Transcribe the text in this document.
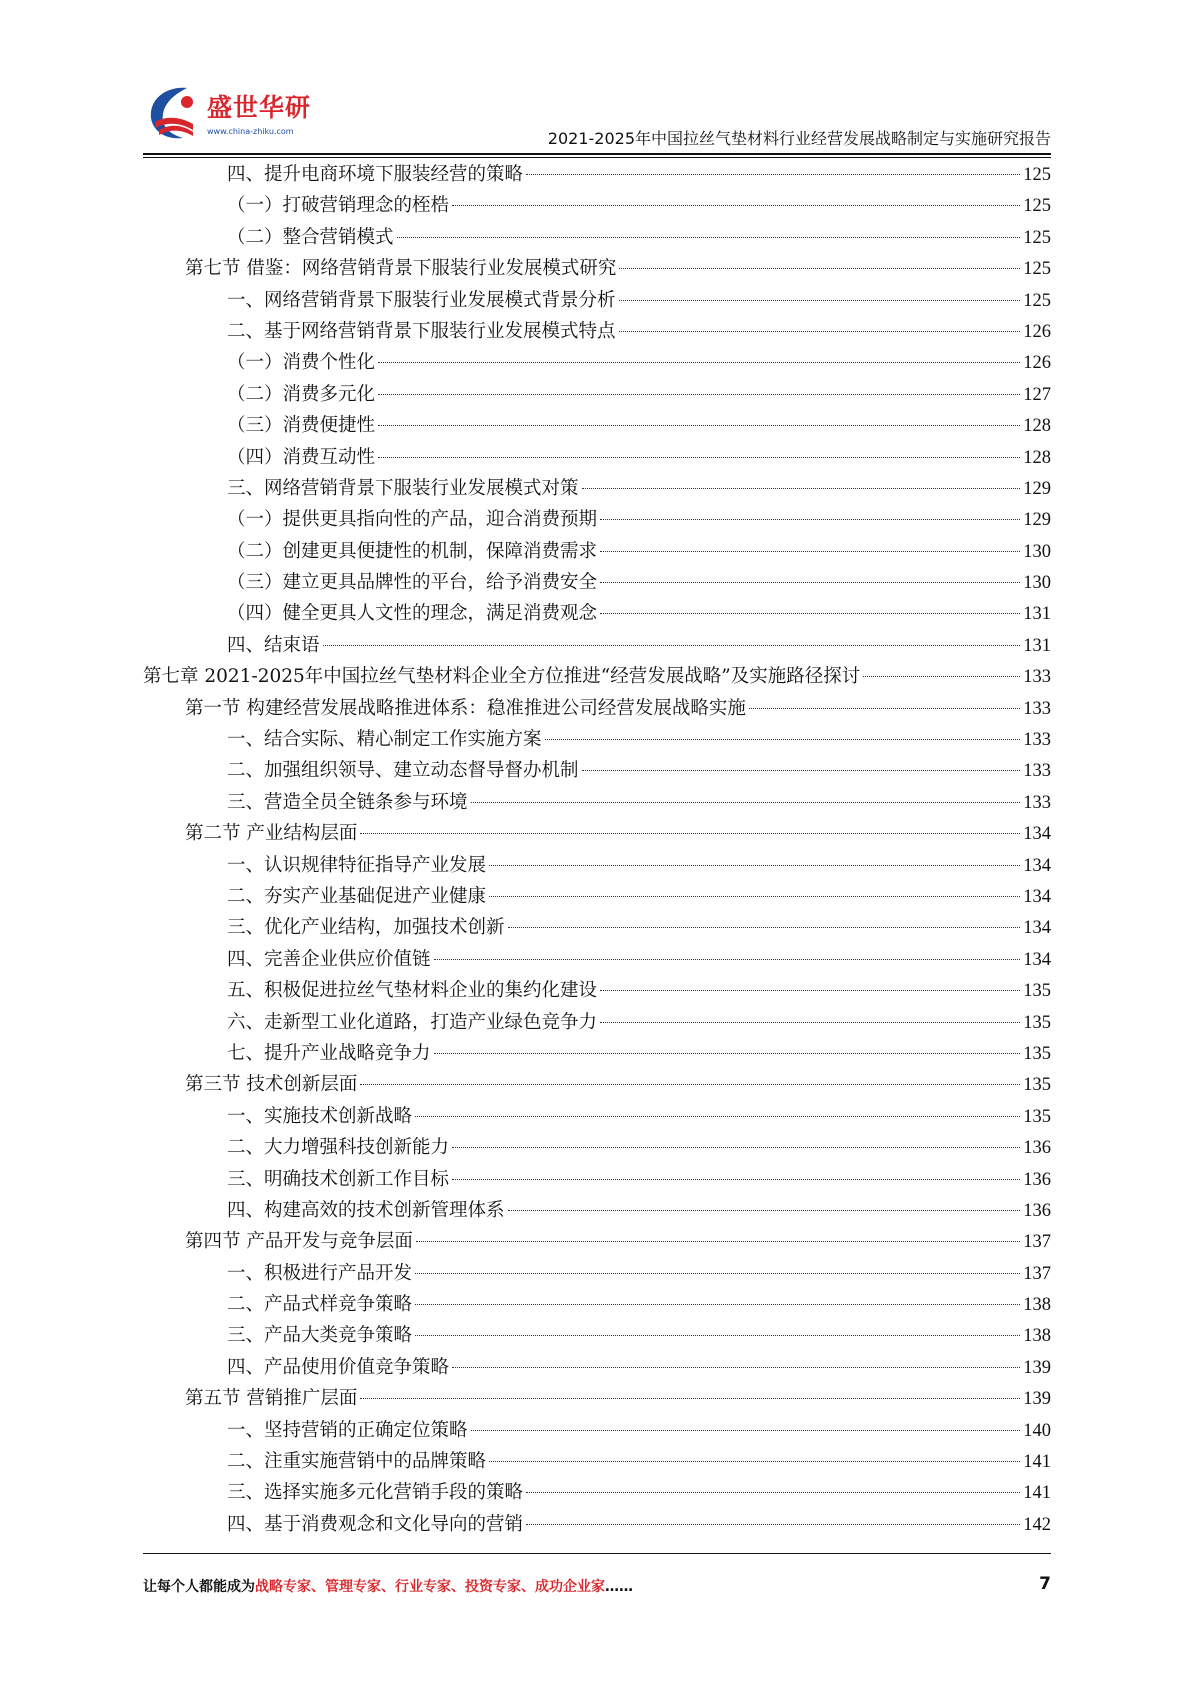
盛世华研
www.china-zhiku.com	2021-2025年中国拉丝气垫材料行业经营发展战略制定与实施研究报告
四、提升电商环境下服装经营的策略	125
（一）打破营销理念的桎梏	125
（二）整合营销模式	125
第七节 借鉴：网络营销背景下服装行业发展模式研究	125
一、网络营销背景下服装行业发展模式背景分析	125
二、基于网络营销背景下服装行业发展模式特点	126
（一）消费个性化	126
（二）消费多元化	127
（三）消费便捷性	128
（四）消费互动性	128
三、网络营销背景下服装行业发展模式对策	129
（一）提供更具指向性的产品，迎合消费预期	129
（二）创建更具便捷性的机制，保障消费需求	130
（三）建立更具品牌性的平台，给予消费安全	130
（四）健全更具人文性的理念，满足消费观念	131
四、结束语	131
第七章 2021-2025年中国拉丝气垫材料企业全方位推进“经营发展战略”及实施路径探讨	133
第一节 构建经营发展战略推进体系：稳准推进公司经营发展战略实施	133
一、结合实际、精心制定工作实施方案	133
二、加强组织领导、建立动态督导督办机制	133
三、营造全员全链条参与环境	133
第二节 产业结构层面	134
一、认识规律特征指导产业发展	134
二、夯实产业基础促进产业健康	134
三、优化产业结构，加强技术创新	134
四、完善企业供应价值链	134
五、积极促进拉丝气垫材料企业的集约化建设	135
六、走新型工业化道路，打造产业绿色竞争力	135
七、提升产业战略竞争力	135
第三节 技术创新层面	135
一、实施技术创新战略	135
二、大力增强科技创新能力	136
三、明确技术创新工作目标	136
四、构建高效的技术创新管理体系	136
第四节 产品开发与竞争层面	137
一、积极进行产品开发	137
二、产品式样竞争策略	138
三、产品大类竞争策略	138
四、产品使用价值竞争策略	139
第五节 营销推广层面	139
一、坚持营销的正确定位策略	140
二、注重实施营销中的品牌策略	141
三、选择实施多元化营销手段的策略	141
四、基于消费观念和文化导向的营销	142
让每个人都能成为战略专家、管理专家、行业专家、投资专家、成功企业家……	7
